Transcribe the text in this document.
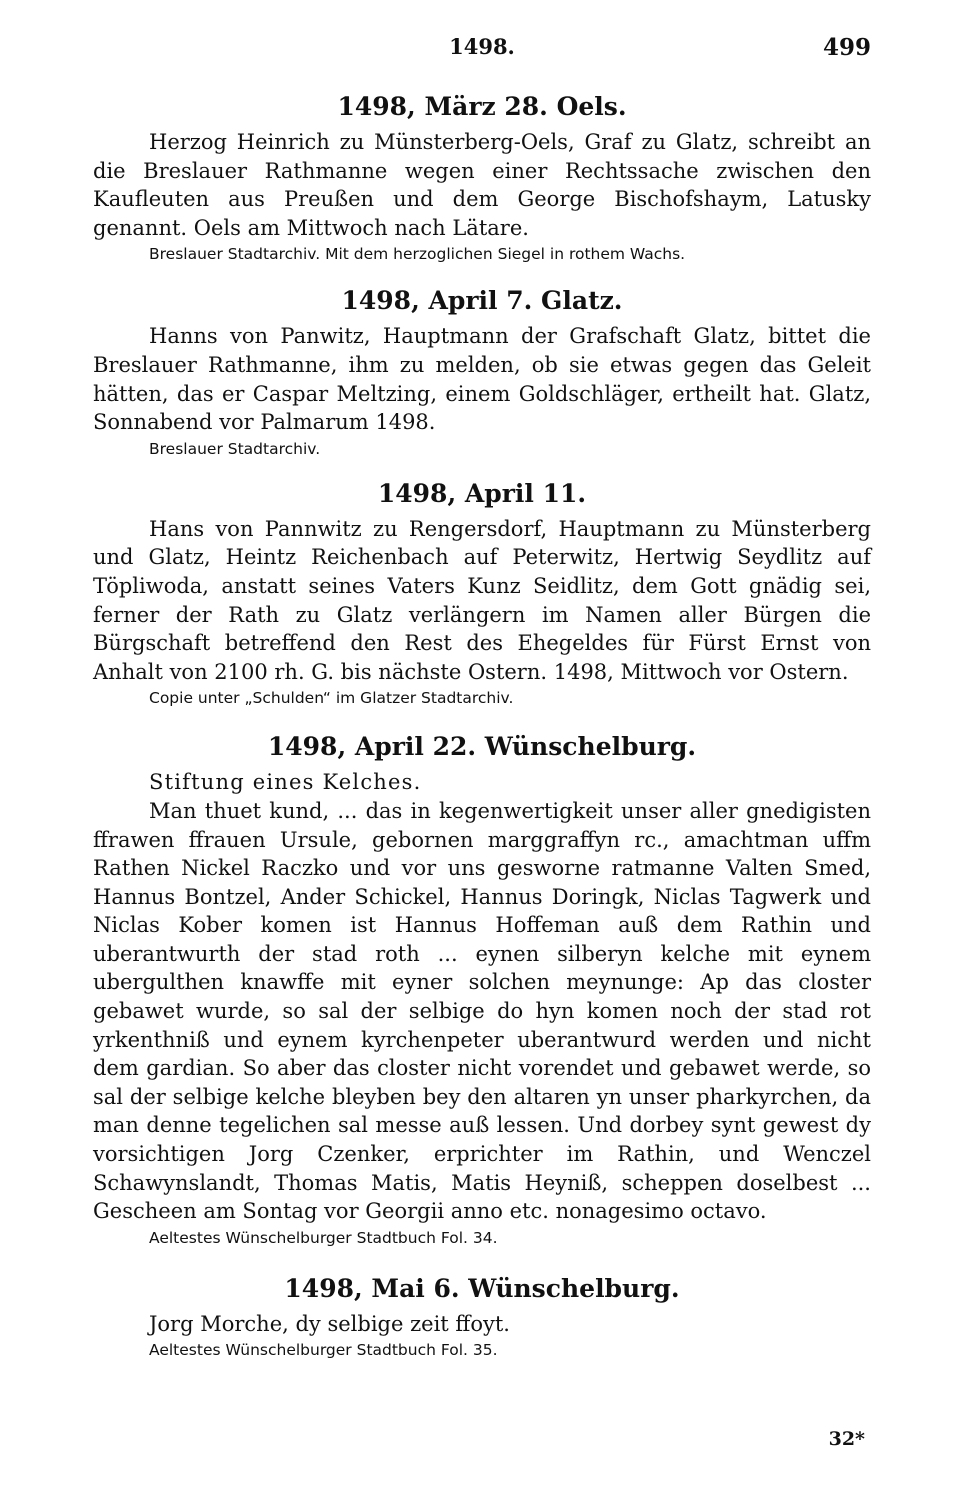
1498.	499
1498, März 28. Oels.

Herzog Heinrich zu Münsterberg-Oels, Graf zu Glatz, schreibt an die Breslauer Rathmanne wegen einer Rechtssache zwischen den Kaufleuten aus Preußen und dem George Bischofshaym, Latusky genannt. Oels am Mittwoch nach Lätare.

Breslauer Stadtarchiv. Mit dem herzoglichen Siegel in rothem Wachs.

1498, April 7. Glatz.

Hanns von Panwitz, Hauptmann der Grafschaft Glatz, bittet die Breslauer Rathmanne, ihm zu melden, ob sie etwas gegen das Geleit hätten, das er Caspar Meltzing, einem Goldschläger, ertheilt hat. Glatz, Sonnabend vor Palmarum 1498.

Breslauer Stadtarchiv.

1498, April 11.

Hans von Pannwitz zu Rengersdorf, Hauptmann zu Münsterberg und Glatz, Heintz Reichenbach auf Peterwitz, Hertwig Seydlitz auf Töpliwoda, anstatt seines Vaters Kunz Seidlitz, dem Gott gnädig sei, ferner der Rath zu Glatz verlängern im Namen aller Bürgen die Bürgschaft betreffend den Rest des Ehegeldes für Fürst Ernst von Anhalt von 2100 rh. G. bis nächste Ostern. 1498, Mittwoch vor Ostern.

Copie unter „Schulden“ im Glatzer Stadtarchiv.

1498, April 22. Wünschelburg.

Stiftung eines Kelches.

Man thuet kund, ... das in kegenwertigkeit unser aller gnedigisten ffrawen ffrauen Ursule, gebornen marggraffyn rc., amachtman uffm Rathen Nickel Raczko und vor uns gesworne ratmanne Valten Smed, Hannus Bontzel, Ander Schickel, Hannus Doringk, Niclas Tagwerk und Niclas Kober komen ist Hannus Hoffeman auß dem Rathin und uberantwurth der stad roth ... eynen silberyn kelche mit eynem ubergulthen knawffe mit eyner solchen meynunge: Ap das closter gebawet wurde, so sal der selbige do hyn komen noch der stad rot yrkenthniß und eynem kyrchenpeter uberantwurd werden und nicht dem gardian. So aber das closter nicht vorendet und gebawet werde, so sal der selbige kelche bleyben bey den altaren yn unser pharkyrchen, da man denne tegelichen sal messe auß lessen. Und dorbey synt gewest dy vorsichtigen Jorg Czenker, erprichter im Rathin, und Wenczel Schawynslandt, Thomas Matis, Matis Heyniß, scheppen doselbest ... Gescheen am Sontag vor Georgii anno etc. nonagesimo octavo.

Aeltestes Wünschelburger Stadtbuch Fol. 34.

1498, Mai 6. Wünschelburg.

Jorg Morche, dy selbige zeit ffoyt.

Aeltestes Wünschelburger Stadtbuch Fol. 35.

32*
